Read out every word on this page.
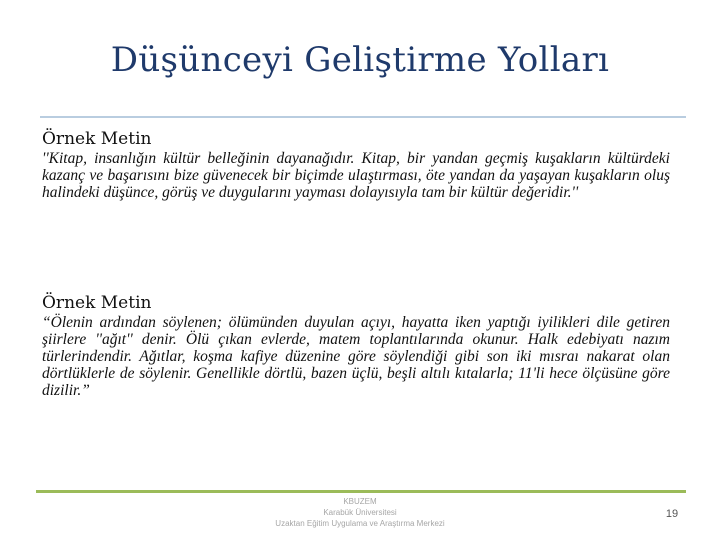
Düşünceyi Geliştirme Yolları
Örnek Metin
''Kitap, insanlığın kültür belleğinin dayanağıdır. Kitap, bir yandan geçmiş kuşakların kültürdeki kazanç ve başarısını bize güvenecek bir biçimde ulaştırması, öte yandan da yaşayan kuşakların oluş halindeki düşünce, görüş ve duygularını yayması dolayısıyla tam bir kültür değeridir.''
Örnek Metin
“Ölenin ardından söylenen; ölümünden duyulan açıyı, hayatta iken yaptığı iyilikleri dile getiren şiirlere ''ağıt'' denir. Ölü çıkan evlerde, matem toplantılarında okunur. Halk edebiyatı nazım türlerindendir. Ağıtlar, koşma kafiye düzenine göre söylendiği gibi son iki mısraı nakarat olan dörtlüklerle de söylenir. Genellikle dörtlü, bazen üçlü, beşli altılı kıtalarla; 11'li hece ölçüsüne göre dizilir.”
KBUZEM
Karabük Üniversitesi
Uzaktan Eğitim Uygulama ve Araştırma Merkezi
19
